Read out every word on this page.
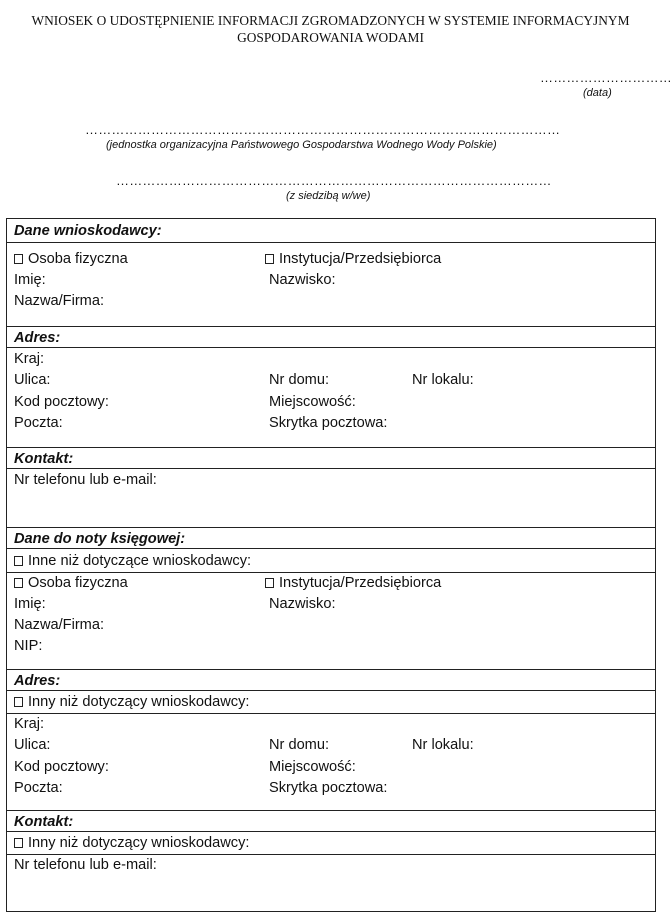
WNIOSEK O UDOSTĘPNIENIE INFORMACJI ZGROMADZONYCH W SYSTEMIE INFORMACYJNYM
GOSPODAROWANIA WODAMI
…………………………
(data)
………………………………………………………………………………………………
(jednostka organizacyjna Państwowego Gospodarstwa Wodnego Wody Polskie)
………………………………………………………………………………………
(z siedzibą w/we)
Dane wnioskodawcy:
Osoba fizyczna	Instytucja/Przedsiębiorca
Imię:	Nazwisko:
Nazwa/Firma:
Adres:
Kraj:
Ulica:	Nr domu:	Nr lokalu:
Kod pocztowy:	Miejscowość:
Poczta:	Skrytka pocztowa:
Kontakt:
Nr telefonu lub e-mail:
Dane do noty księgowej:
Inne niż dotyczące wnioskodawcy:
Osoba fizyczna	Instytucja/Przedsiębiorca
Imię:	Nazwisko:
Nazwa/Firma:
NIP:
Adres:
Inny niż dotyczący wnioskodawcy:
Kraj:
Ulica:	Nr domu:	Nr lokalu:
Kod pocztowy:	Miejscowość:
Poczta:	Skrytka pocztowa:
Kontakt:
Inny niż dotyczący wnioskodawcy:
Nr telefonu lub e-mail:
